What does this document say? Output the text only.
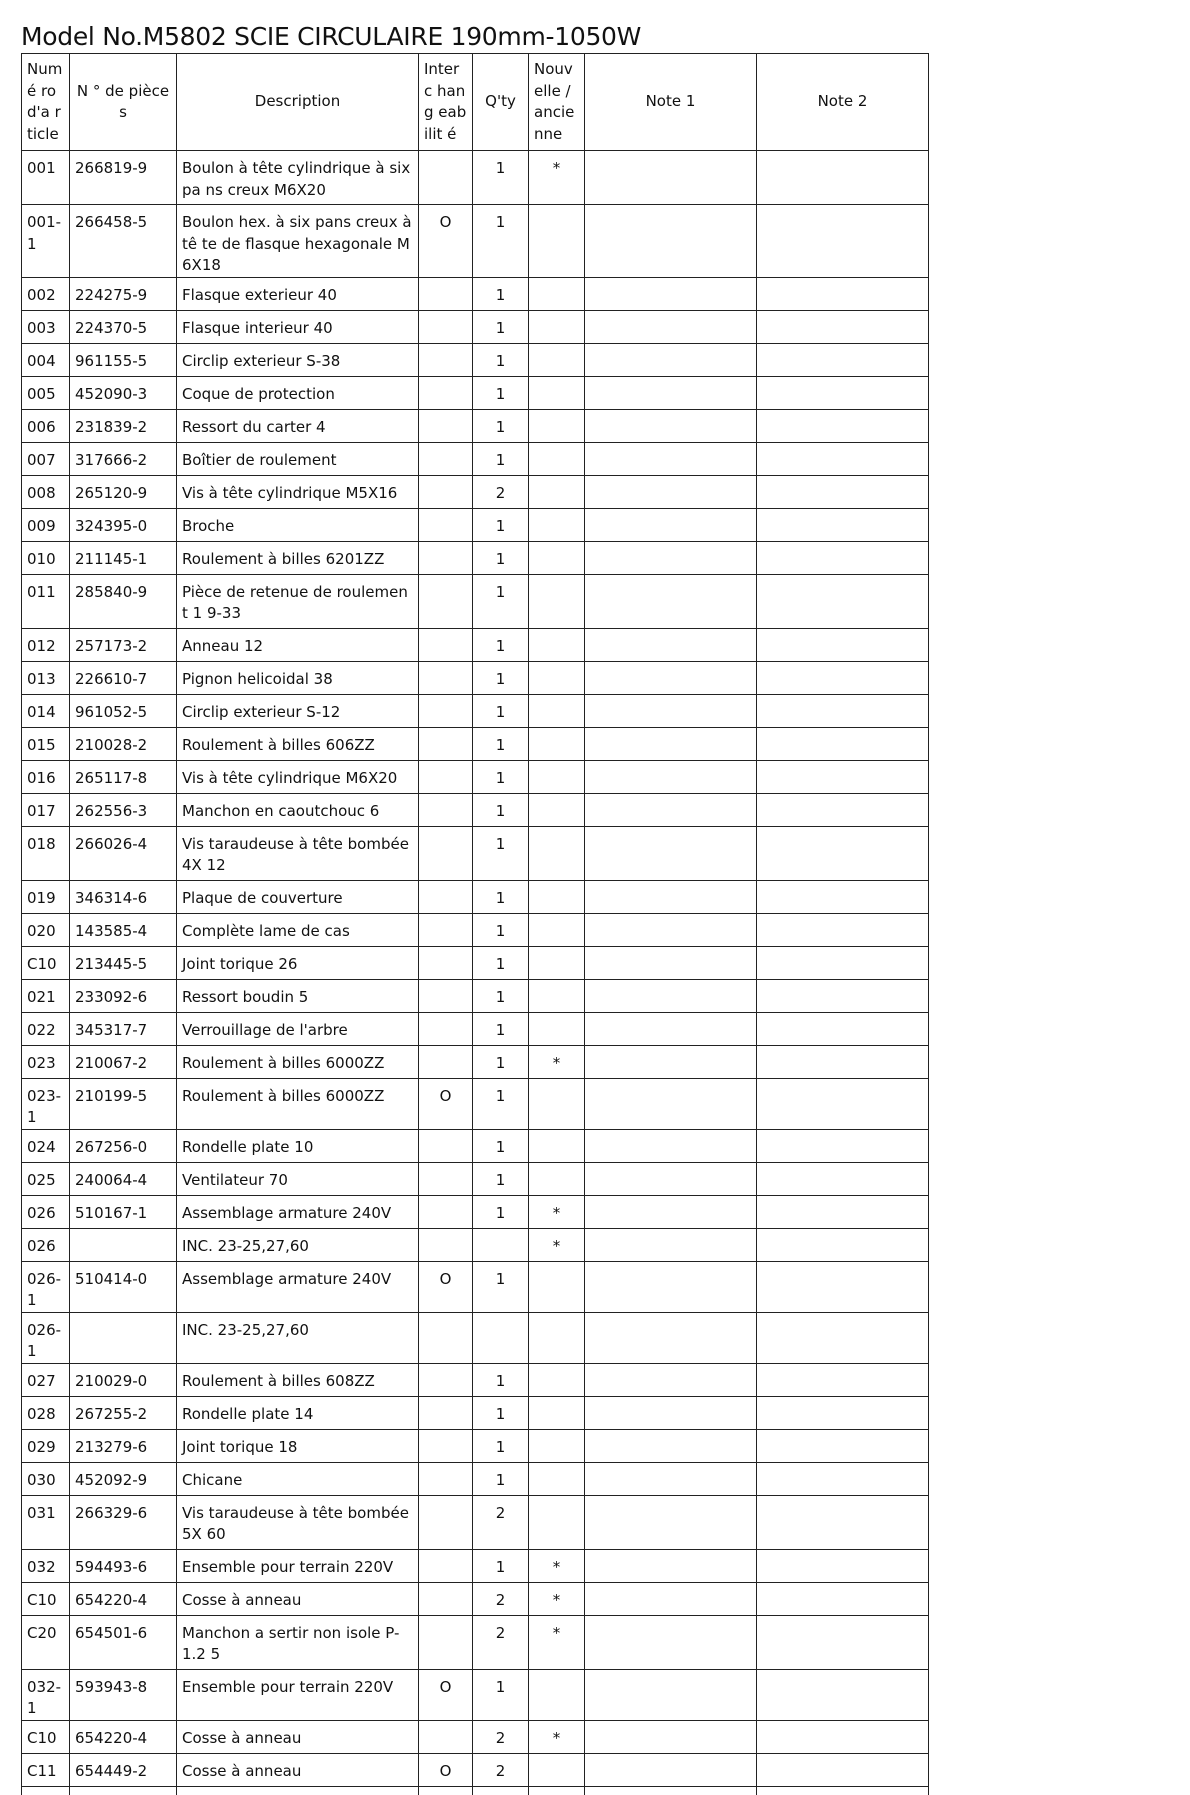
Model No.M5802 SCIE CIRCULAIRE 190mm-1050W
Numé ro d'a rticle	N ° de pièces	Description	Interc hang eabilit é	Q'ty	Nouv elle / ancie nne	Note 1	Note 2
001	266819-9	Boulon à tête cylindrique à six pa ns creux M6X20		1	*		
001-1	266458-5	Boulon hex. à six pans creux à tê te de flasque hexagonale M6X18	O	1			
002	224275-9	Flasque exterieur 40		1			
003	224370-5	Flasque interieur 40		1			
004	961155-5	Circlip exterieur S-38		1			
005	452090-3	Coque de protection		1			
006	231839-2	Ressort du carter 4		1			
007	317666-2	Boîtier de roulement		1			
008	265120-9	Vis à tête cylindrique M5X16		2			
009	324395-0	Broche		1			
010	211145-1	Roulement à billes 6201ZZ		1			
011	285840-9	Pièce de retenue de roulement 1 9-33		1			
012	257173-2	Anneau 12		1			
013	226610-7	Pignon helicoidal 38		1			
014	961052-5	Circlip exterieur S-12		1			
015	210028-2	Roulement à billes 606ZZ		1			
016	265117-8	Vis à tête cylindrique M6X20		1			
017	262556-3	Manchon en caoutchouc 6		1			
018	266026-4	Vis taraudeuse à tête bombée 4X 12		1			
019	346314-6	Plaque de couverture		1			
020	143585-4	Complète lame de cas		1			
C10	213445-5	Joint torique 26		1			
021	233092-6	Ressort boudin 5		1			
022	345317-7	Verrouillage de l'arbre		1			
023	210067-2	Roulement à billes 6000ZZ		1	*		
023-1	210199-5	Roulement à billes 6000ZZ	O	1			
024	267256-0	Rondelle plate 10		1			
025	240064-4	Ventilateur 70		1			
026	510167-1	Assemblage armature 240V		1	*		
026		INC. 23-25,27,60			*		
026-1	510414-0	Assemblage armature 240V	O	1			
026-1		INC. 23-25,27,60					
027	210029-0	Roulement à billes 608ZZ		1			
028	267255-2	Rondelle plate 14		1			
029	213279-6	Joint torique 18		1			
030	452092-9	Chicane		1			
031	266329-6	Vis taraudeuse à tête bombée 5X 60		2			
032	594493-6	Ensemble pour terrain 220V		1	*		
C10	654220-4	Cosse à anneau		2	*		
C20	654501-6	Manchon a sertir non isole P-1.2 5		2	*		
032-1	593943-8	Ensemble pour terrain 220V	O	1			
C10	654220-4	Cosse à anneau		2	*		
C11	654449-2	Cosse à anneau	O	2			
